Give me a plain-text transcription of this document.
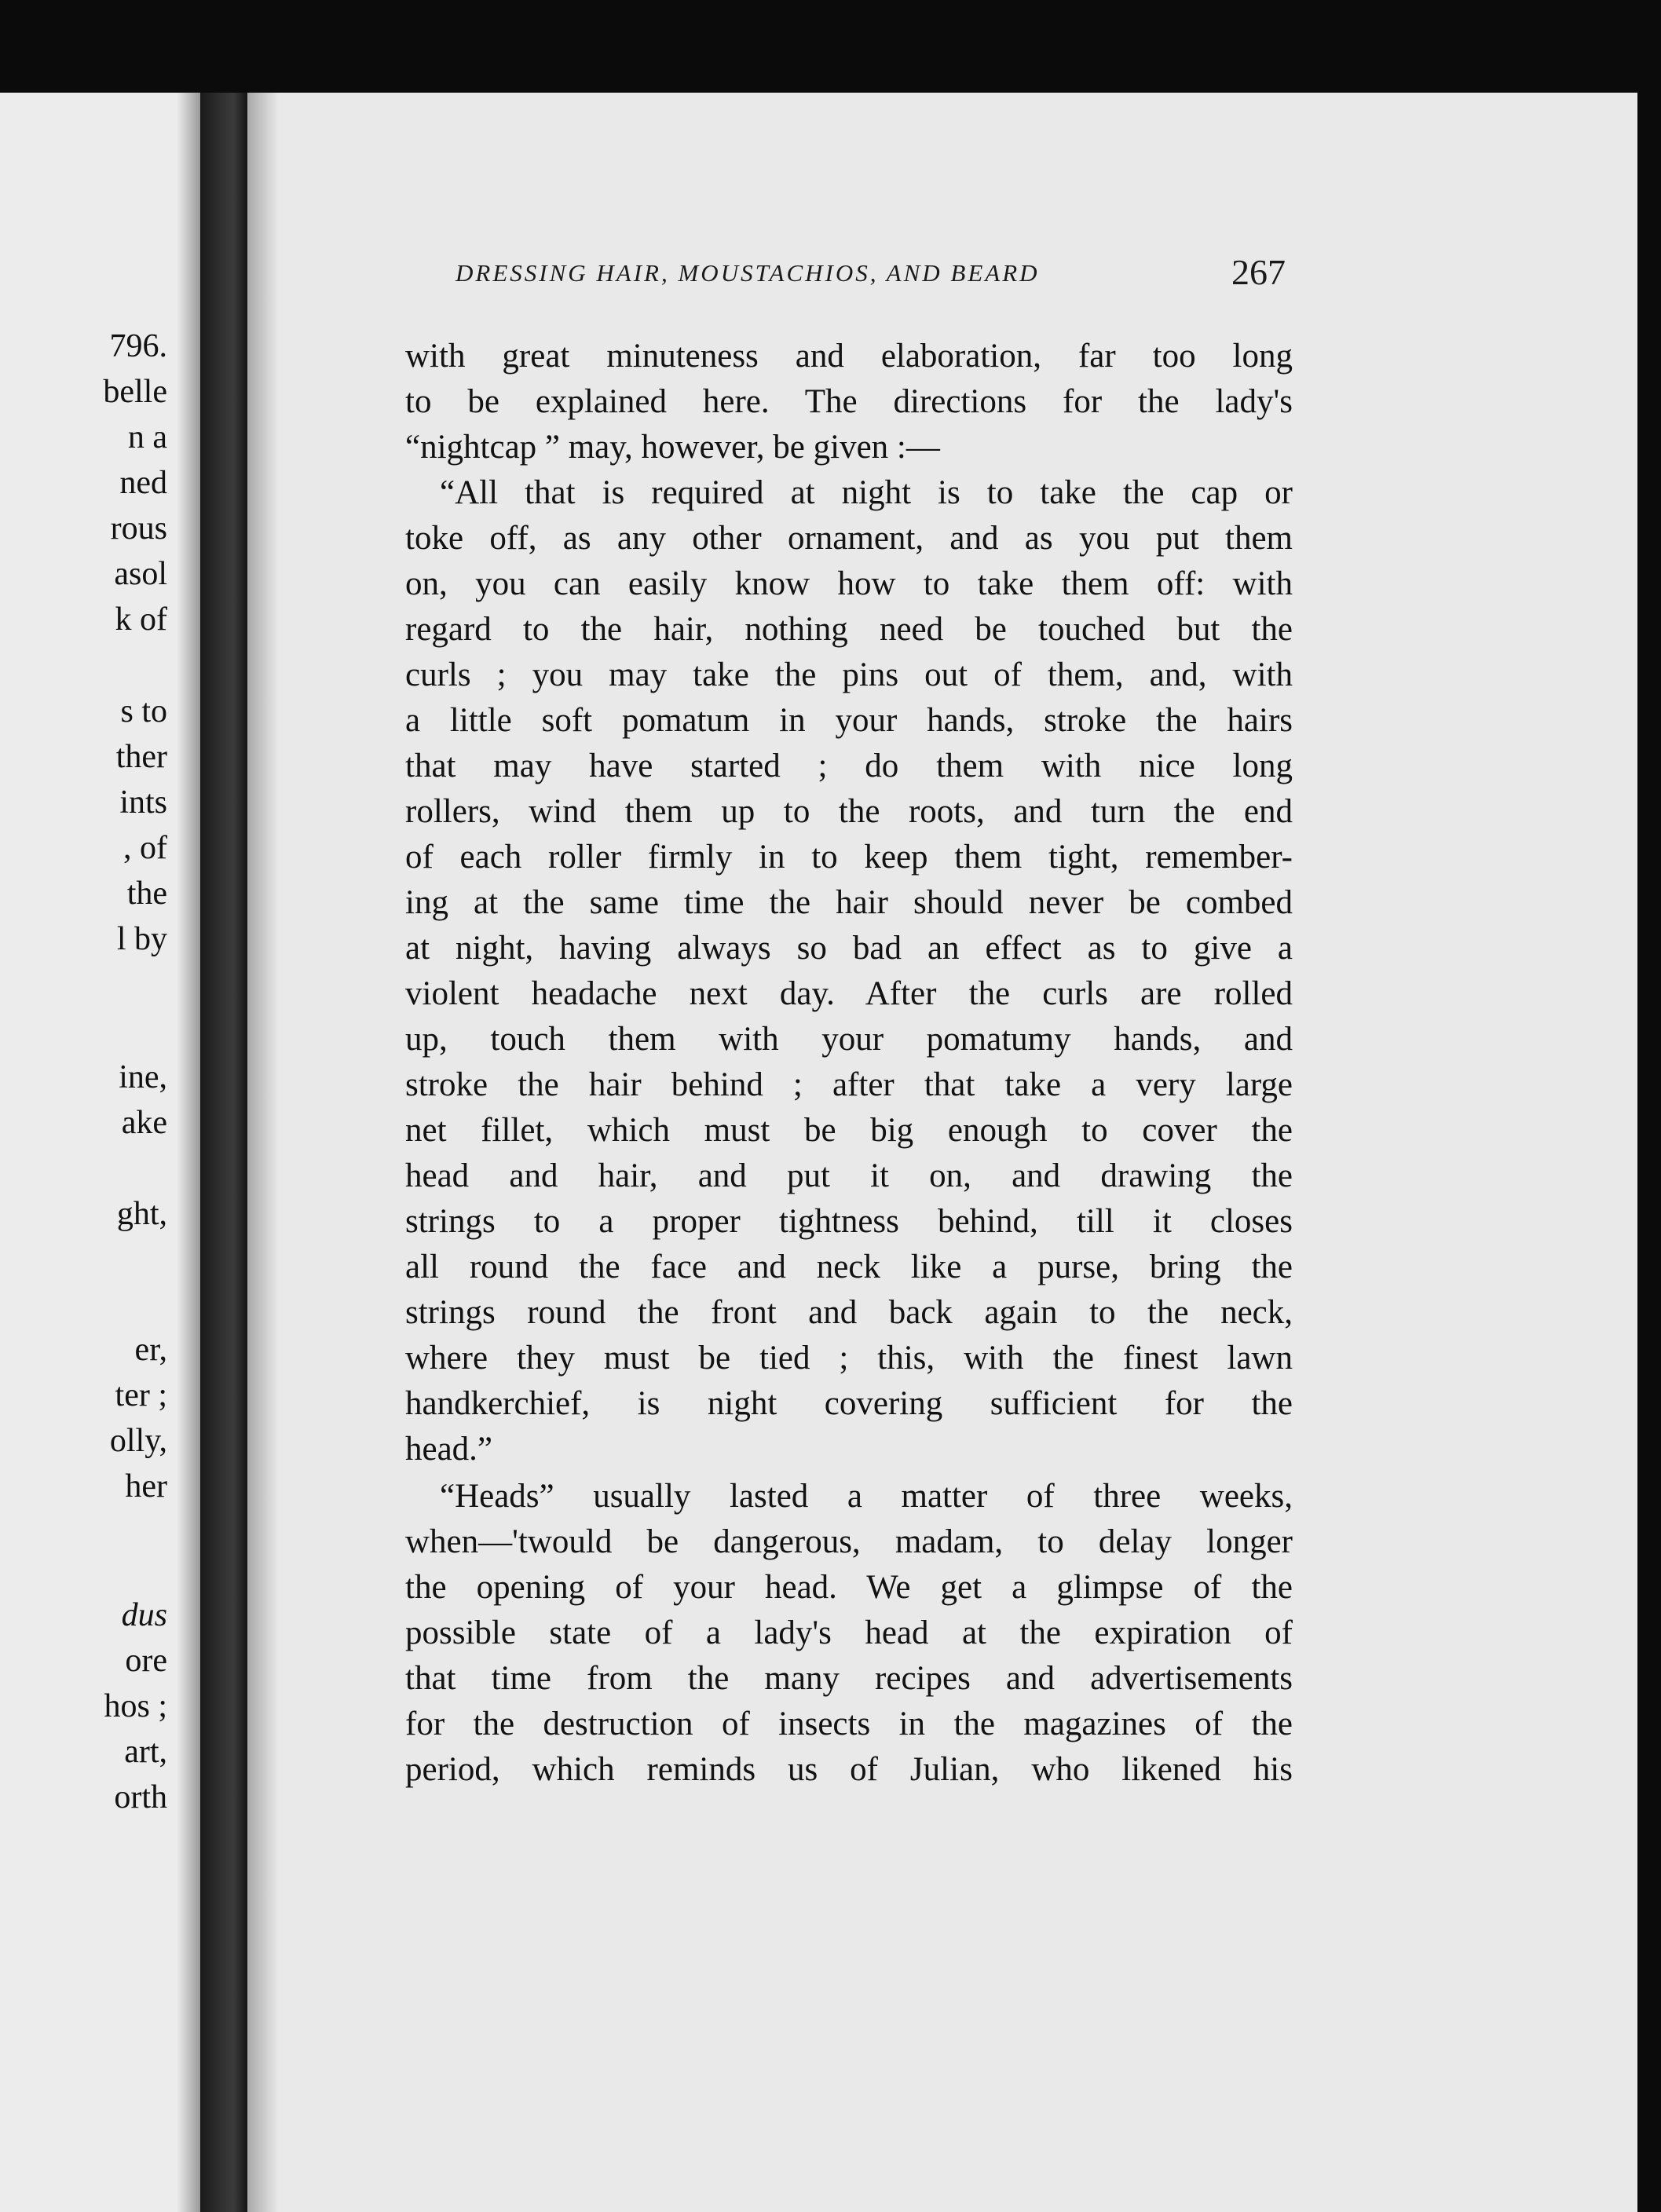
796.

belle

n a

ned

rous

asol

k of

s to

ther

ints

, of

the

l by

ine,

ake

ght,

er,

ter ;

olly,

her

dus

ore

hos ;

art,

orth

DRESSING HAIR, MOUSTACHIOS, AND BEARD	267

with great minuteness and elaboration, far too long

to be explained here. The directions for the lady's

“nightcap ” may, however, be given :—

“All that is required at night is to take the cap or

toke off, as any other ornament, and as you put them

on, you can easily know how to take them off: with

regard to the hair, nothing need be touched but the

curls ; you may take the pins out of them, and, with

a little soft pomatum in your hands, stroke the hairs

that may have started ; do them with nice long

rollers, wind them up to the roots, and turn the end

of each roller firmly in to keep them tight, remember-

ing at the same time the hair should never be combed

at night, having always so bad an effect as to give a

violent headache next day. After the curls are rolled

up, touch them with your pomatumy hands, and

stroke the hair behind ; after that take a very large

net fillet, which must be big enough to cover the

head and hair, and put it on, and drawing the

strings to a proper tightness behind, till it closes

all round the face and neck like a purse, bring the

strings round the front and back again to the neck,

where they must be tied ; this, with the finest lawn

handkerchief, is night covering sufficient for the

head.”

“Heads” usually lasted a matter of three weeks,

when—'twould be dangerous, madam, to delay longer

the opening of your head. We get a glimpse of the

possible state of a lady's head at the expiration of

that time from the many recipes and advertisements

for the destruction of insects in the magazines of the

period, which reminds us of Julian, who likened his
